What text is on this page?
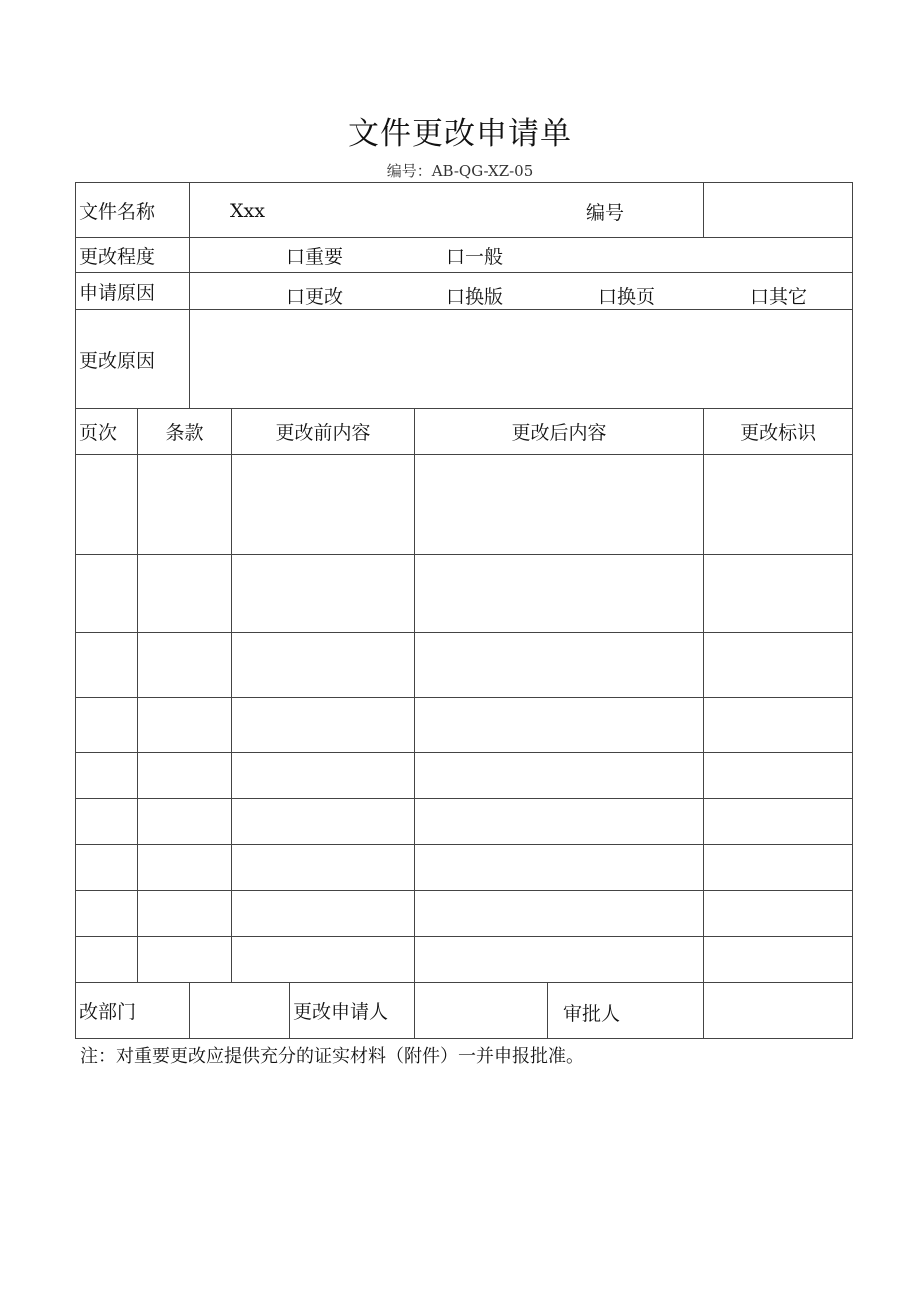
文件更改申请单
编号：AB-QG-XZ-05
文件名称		Xxx 编号					

更改程度		口重要 口一般					

申请原因		口更改 口换版 口换页 口其它					

更改原因							
页次	条款		更改前内容		更改后内容		更改标识

改部门				更改申请人		审批人	

注：对重要更改应提供充分的证实材料（附件）一并申报批准。
